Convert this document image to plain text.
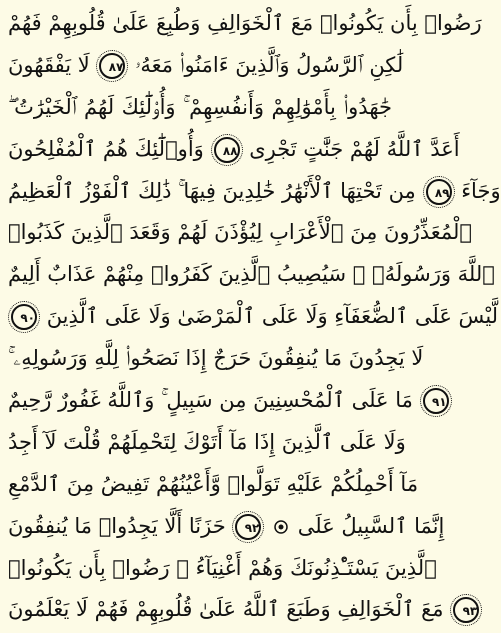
رَضُوا۟ بِأَن يَكُونُوا۟ مَعَ ٱلْخَوَالِفِ وَطُبِعَ عَلَىٰ قُلُوبِهِمْ فَهُمْ
لَا يَفْقَهُونَ ٨٧ لَٰكِنِ ٱلرَّسُولُ وَٱلَّذِينَ ءَامَنُوا۟ مَعَهُۥ
جَٰهَدُوا۟ بِأَمْوَٰلِهِمْ وَأَنفُسِهِمْ ۚ وَأُو۟لَٰٓئِكَ لَهُمُ ٱلْخَيْرَٰتُ ۖ
وَأُو۟لَٰٓئِكَ هُمُ ٱلْمُفْلِحُونَ ٨٨ أَعَدَّ ٱللَّهُ لَهُمْ جَنَّٰتٍ تَجْرِى
مِن تَحْتِهَا ٱلْأَنْهَٰرُ خَٰلِدِينَ فِيهَا ۚ ذَٰلِكَ ٱلْفَوْزُ ٱلْعَظِيمُ ٨٩ وَجَآءَ
ٱلْمُعَذِّرُونَ مِنَ ٱلْأَعْرَابِ لِيُؤْذَنَ لَهُمْ وَقَعَدَ ٱلَّذِينَ كَذَبُوا۟
ٱللَّهَ وَرَسُولَهُۥ ۚ سَيُصِيبُ ٱلَّذِينَ كَفَرُوا۟ مِنْهُمْ عَذَابٌ أَلِيمٌ
٩٠ لَّيْسَ عَلَى ٱلضُّعَفَآءِ وَلَا عَلَى ٱلْمَرْضَىٰ وَلَا عَلَى ٱلَّذِينَ
لَا يَجِدُونَ مَا يُنفِقُونَ حَرَجٌ إِذَا نَصَحُوا۟ لِلَّهِ وَرَسُولِهِۦ ۚ
مَا عَلَى ٱلْمُحْسِنِينَ مِن سَبِيلٍ ۚ وَٱللَّهُ غَفُورٌ رَّحِيمٌ ٩١
وَلَا عَلَى ٱلَّذِينَ إِذَا مَآ أَتَوْكَ لِتَحْمِلَهُمْ قُلْتَ لَآ أَجِدُ
مَآ أَحْمِلُكُمْ عَلَيْهِ تَوَلَّوا۟ وَّأَعْيُنُهُمْ تَفِيضُ مِنَ ٱلدَّمْعِ
حَزَنًا أَلَّا يَجِدُوا۟ مَا يُنفِقُونَ ٩٢ إِنَّمَا ٱلسَّبِيلُ عَلَى
ٱلَّذِينَ يَسْتَـْٔذِنُونَكَ وَهُمْ أَغْنِيَآءُ ۚ رَضُوا۟ بِأَن يَكُونُوا۟
مَعَ ٱلْخَوَالِفِ وَطَبَعَ ٱللَّهُ عَلَىٰ قُلُوبِهِمْ فَهُمْ لَا يَعْلَمُونَ ٩٣
